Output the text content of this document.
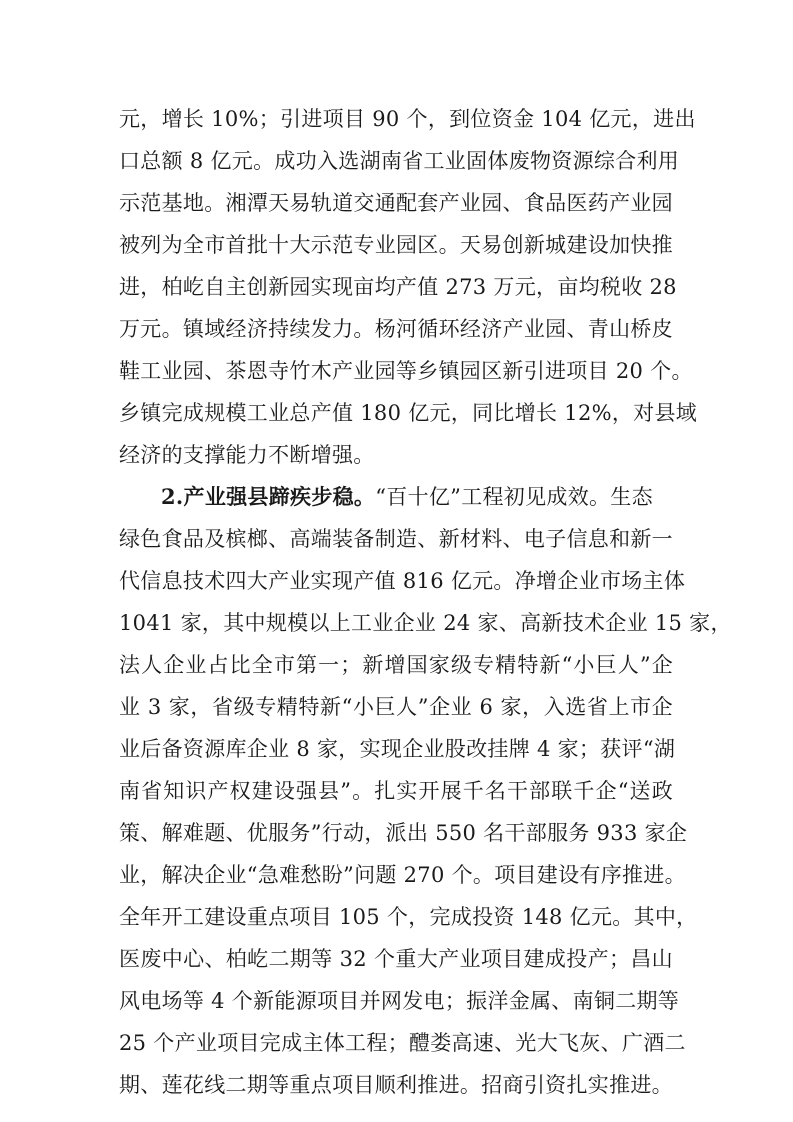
元，增长 10%；引进项目 90 个，到位资金 104 亿元，进出
口总额 8 亿元。成功入选湖南省工业固体废物资源综合利用
示范基地。湘潭天易轨道交通配套产业园、食品医药产业园
被列为全市首批十大示范专业园区。天易创新城建设加快推
进，柏屹自主创新园实现亩均产值 273 万元，亩均税收 28
万元。镇域经济持续发力。杨河循环经济产业园、青山桥皮
鞋工业园、茶恩寺竹木产业园等乡镇园区新引进项目 20 个。
乡镇完成规模工业总产值 180 亿元，同比增长 12%，对县域
经济的支撑能力不断增强。
2.产业强县蹄疾步稳。“百十亿”工程初见成效。生态
绿色食品及槟榔、高端装备制造、新材料、电子信息和新一
代信息技术四大产业实现产值 816 亿元。净增企业市场主体
1041 家，其中规模以上工业企业 24 家、高新技术企业 15 家，
法人企业占比全市第一；新增国家级专精特新“小巨人”企
业 3 家，省级专精特新“小巨人”企业 6 家，入选省上市企
业后备资源库企业 8 家，实现企业股改挂牌 4 家；获评“湖
南省知识产权建设强县”。扎实开展千名干部联千企“送政
策、解难题、优服务”行动，派出 550 名干部服务 933 家企
业，解决企业“急难愁盼”问题 270 个。项目建设有序推进。
全年开工建设重点项目 105 个，完成投资 148 亿元。其中，
医废中心、柏屹二期等 32 个重大产业项目建成投产；昌山
风电场等 4 个新能源项目并网发电；振洋金属、南铜二期等
25 个产业项目完成主体工程；醴娄高速、光大飞灰、广酒二
期、莲花线二期等重点项目顺利推进。招商引资扎实推进。
